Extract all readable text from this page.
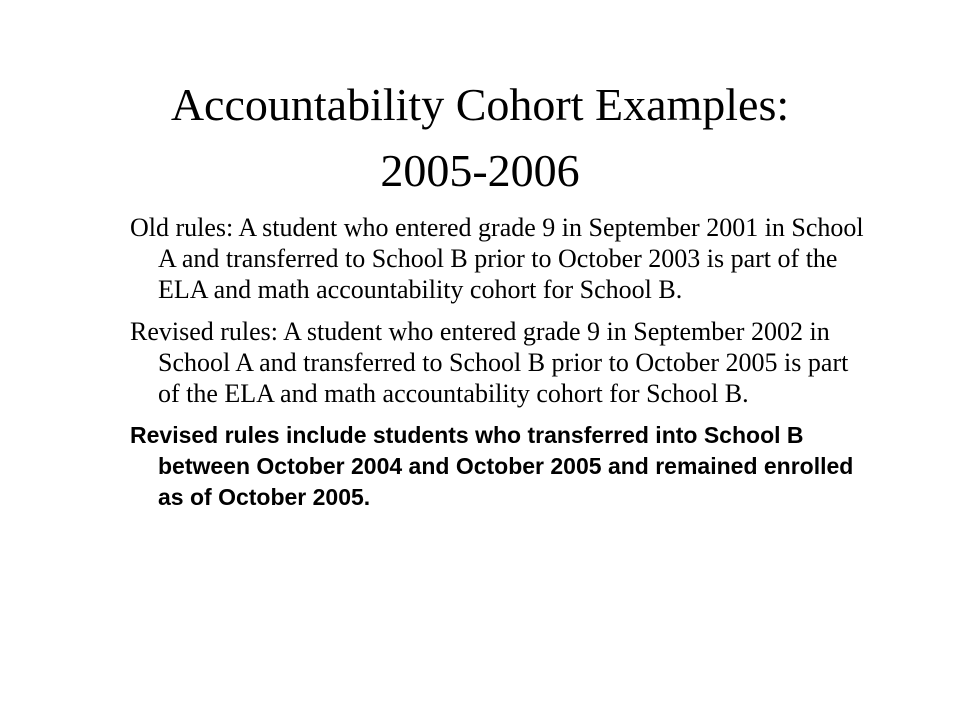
Accountability Cohort Examples:
2005-2006

Old rules: A student who entered grade 9 in September 2001 in School A and transferred to School B prior to October 2003 is part of the ELA and math accountability cohort for School B.

Revised rules: A student who entered grade 9 in September 2002 in School A and transferred to School B prior to October 2005 is part of the ELA and math accountability cohort for School B.

Revised rules include students who transferred into School B between October 2004 and October 2005 and remained enrolled as of October 2005.
